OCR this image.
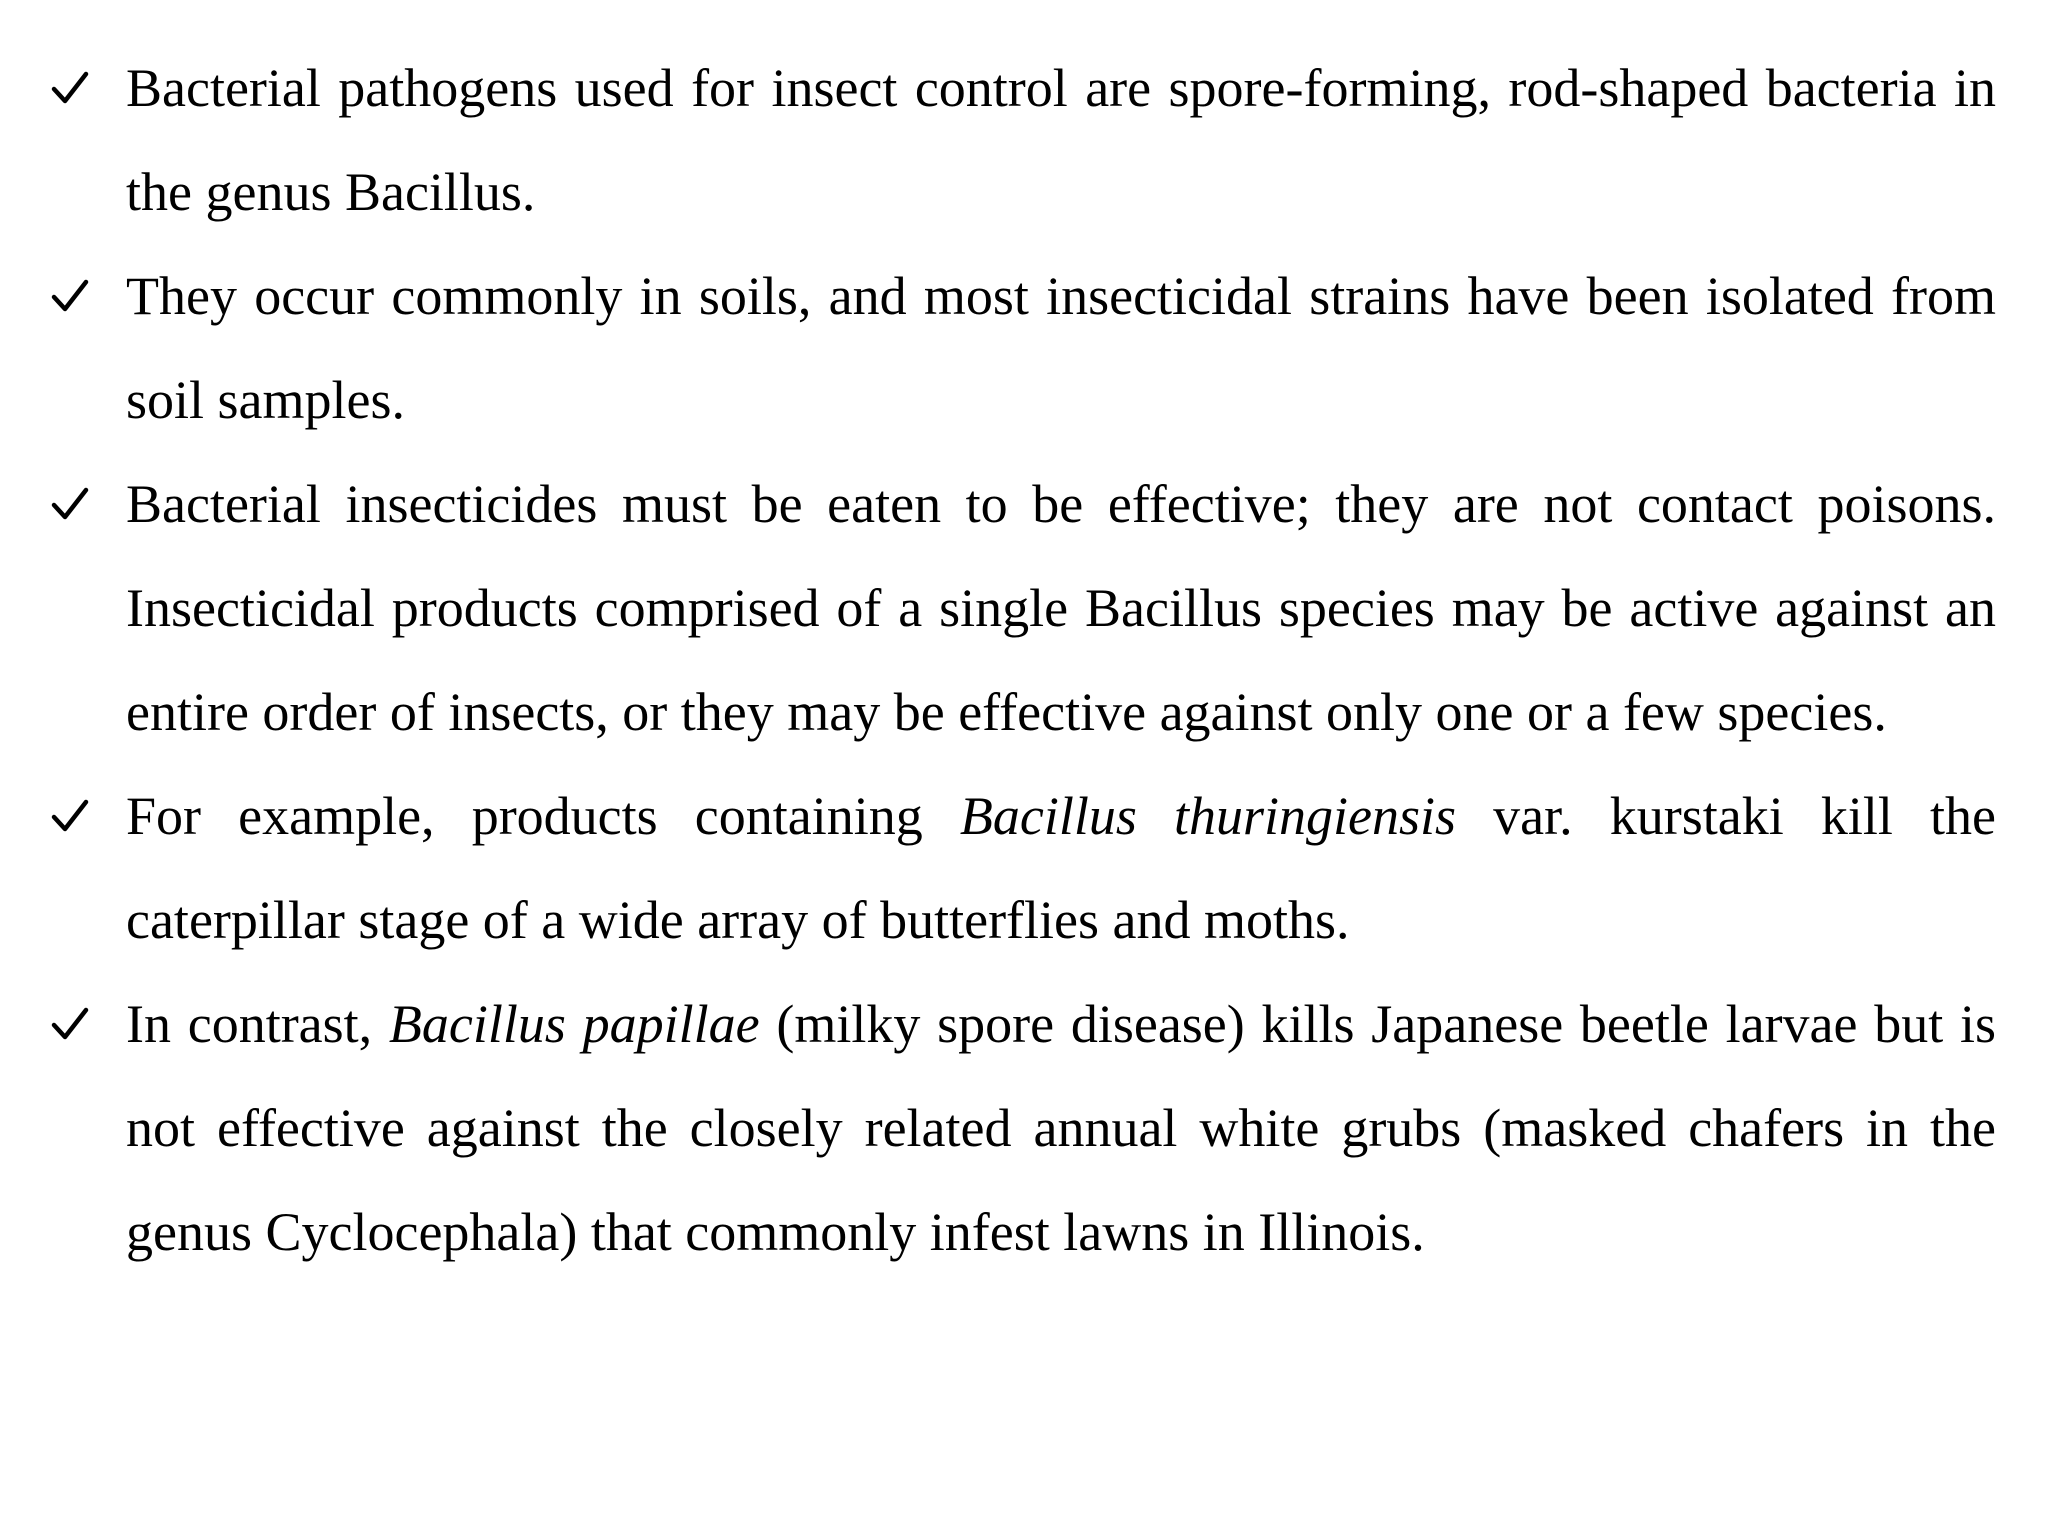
Bacterial pathogens used for insect control are spore-forming, rod-shaped bacteria in the genus Bacillus.
They occur commonly in soils, and most insecticidal strains have been isolated from soil samples.
Bacterial insecticides must be eaten to be effective; they are not contact poisons. Insecticidal products comprised of a single Bacillus species may be active against an entire order of insects, or they may be effective against only one or a few species.
For example, products containing Bacillus thuringiensis var. kurstaki kill the caterpillar stage of a wide array of butterflies and moths.
In contrast, Bacillus papillae (milky spore disease) kills Japanese beetle larvae but is not effective against the closely related annual white grubs (masked chafers in the genus Cyclocephala) that commonly infest lawns in Illinois.
